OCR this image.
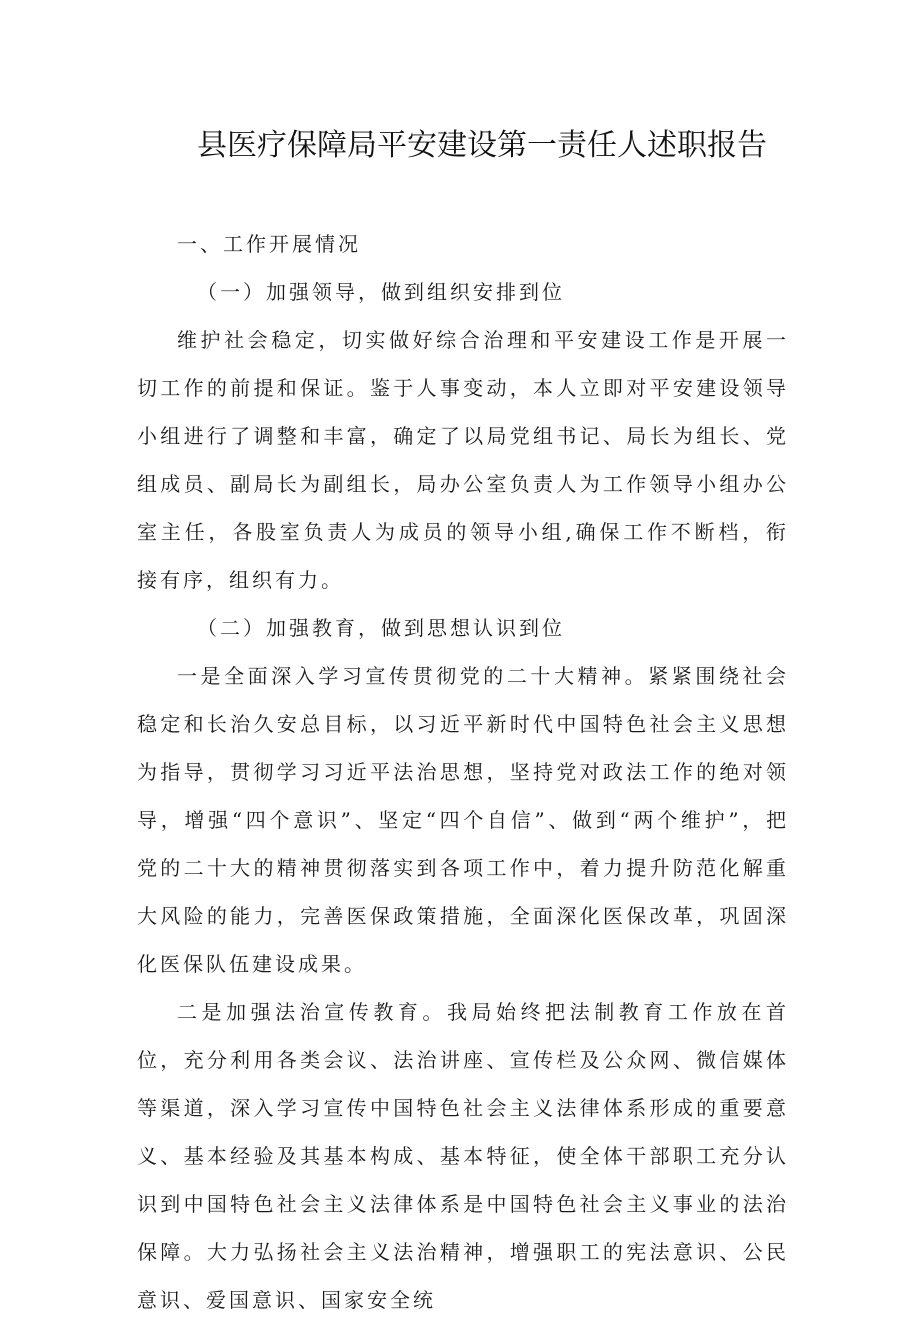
县医疗保障局平安建设第一责任人述职报告

一、工作开展情况

（一）加强领导，做到组织安排到位

维护社会稳定，切实做好综合治理和平安建设工作是开展一切工作的前提和保证。鉴于人事变动，本人立即对平安建设领导小组进行了调整和丰富，确定了以局党组书记、局长为组长、党组成员、副局长为副组长，局办公室负责人为工作领导小组办公室主任，各股室负责人为成员的领导小组,确保工作不断档，衔接有序，组织有力。

（二）加强教育，做到思想认识到位

一是全面深入学习宣传贯彻党的二十大精神。紧紧围绕社会稳定和长治久安总目标，以习近平新时代中国特色社会主义思想为指导，贯彻学习习近平法治思想，坚持党对政法工作的绝对领导，增强“四个意识”、坚定“四个自信”、做到“两个维护”，把党的二十大的精神贯彻落实到各项工作中，着力提升防范化解重大风险的能力，完善医保政策措施，全面深化医保改革，巩固深化医保队伍建设成果。

二是加强法治宣传教育。我局始终把法制教育工作放在首位，充分利用各类会议、法治讲座、宣传栏及公众网、微信媒体等渠道，深入学习宣传中国特色社会主义法律体系形成的重要意义、基本经验及其基本构成、基本特征，使全体干部职工充分认识到中国特色社会主义法律体系是中国特色社会主义事业的法治保障。大力弘扬社会主义法治精神，增强职工的宪法意识、公民意识、爱国意识、国家安全统
